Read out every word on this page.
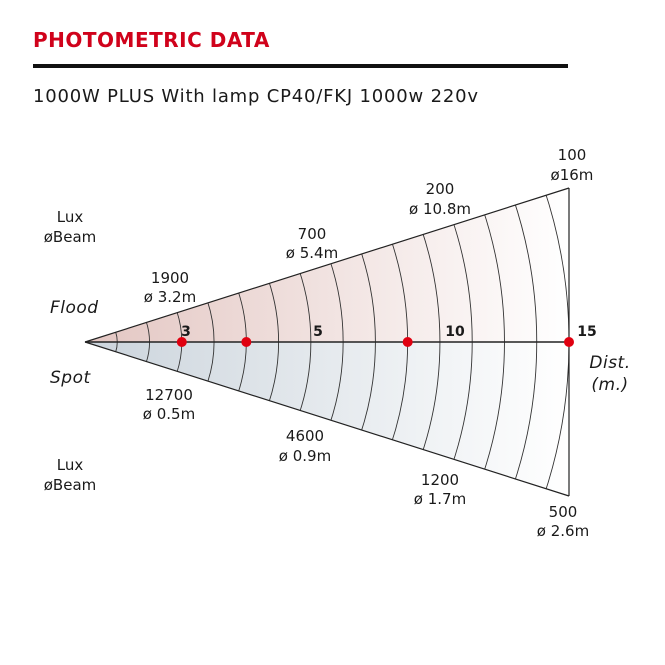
PHOTOMETRIC DATA
1000W PLUS With lamp CP40/FKJ 1000w 220v
Lux
øBeam
Flood
Spot
Lux
øBeam
Dist.
(m.)
3	5	10	15
1900
ø 3.2m
700
ø 5.4m
200
ø 10.8m
100
ø16m
12700
ø 0.5m
4600
ø 0.9m
1200
ø 1.7m
500
ø 2.6m
